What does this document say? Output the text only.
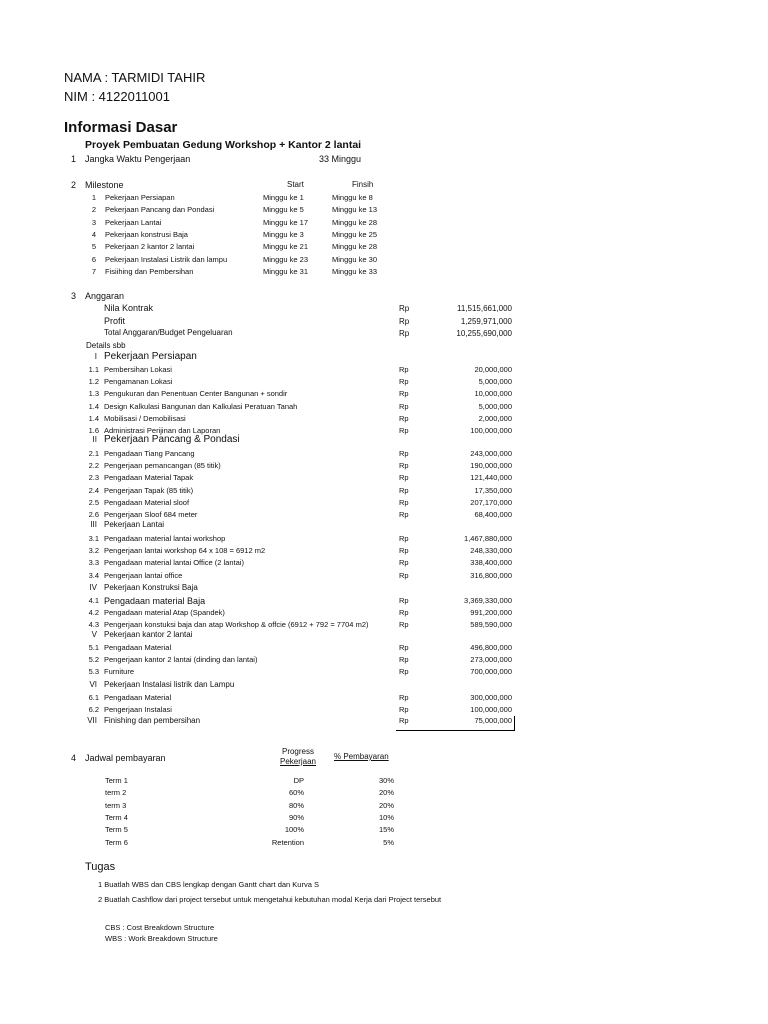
NAMA : TARMIDI TAHIR
NIM : 4122011001
Informasi Dasar
Proyek Pembuatan Gedung Workshop + Kantor 2 lantai
1 Jangka Waktu Pengerjaan	33 Minggu
2 Milestone	Start	Finsih
1 Pekerjaan Persiapan	Minggu ke 1	Minggu ke 8
2 Pekerjaan Pancang dan Pondasi	Minggu ke 5	Minggu ke 13
3 Pekerjaan Lantai	Minggu ke 17	Minggu ke 28
4 Pekerjaan konstrusi Baja	Minggu ke 3	Minggu ke 25
5 Pekerjaan 2 kantor 2 lantai	Minggu ke 21	Minggu ke 28
6 Pekerjaan Instalasi Listrik dan lampu	Minggu ke 23	Minggu ke 30
7 Fisiihing dan Pembersihan	Minggu ke 31	Minggu ke 33
3 Anggaran
Nila Kontrak	Rp	11,515,661,000
Profit	Rp	1,259,971,000
Total Anggaran/Budget Pengeluaran	Rp	10,255,690,000
Details sbb
I Pekerjaan Persiapan
1.1 Pembersihan Lokasi	Rp	20,000,000
1.2 Pengamanan Lokasi	Rp	5,000,000
1.3 Pengukuran dan Penentuan Center Bangunan + sondir	Rp	10,000,000
1.4 Design Kalkulasi Bangunan dan Kalkulasi Peratuan Tanah	Rp	5,000,000
1.4 Mobilisasi / Demobilisasi	Rp	2,000,000
1.6 Administrasi Perijinan dan Laporan	Rp	100,000,000
II Pekerjaan Pancang & Pondasi
2.1 Pengadaan Tiang Pancang	Rp	243,000,000
2.2 Pengerjaan pemancangan (85 titik)	Rp	190,000,000
2.3 Pengadaan Material Tapak	Rp	121,440,000
2.4 Pengerjaan Tapak (85 titik)	Rp	17,350,000
2.5 Pengadaan Material sloof	Rp	207,170,000
2.6 Pengerjaan Sloof 684 meter	Rp	68,400,000
III Pekerjaan Lantai
3.1 Pengadaan material lantai workshop	Rp	1,467,880,000
3.2 Pengerjaan lantai workshop 64 x 108 = 6912 m2	Rp	248,330,000
3.3 Pengadaan material lantai Office (2 lantai)	Rp	338,400,000
3.4 Pengerjaan lantai office	Rp	316,800,000
IV Pekerjaan Konstruksi Baja
4.1 Pengadaan material Baja	Rp	3,369,330,000
4.2 Pengadaan material Atap (Spandek)	Rp	991,200,000
4.3 Pengerjaan konstuksi baja dan atap Workshop & offcie (6912 + 792 = 7704 m2)	Rp	589,590,000
V Pekerjaan kantor 2 lantai
5.1 Pengadaan Material	Rp	496,800,000
5.2 Pengerjaan kantor 2 lantai (dinding dan lantai)	Rp	273,000,000
5.3 Furniture	Rp	700,000,000
VI Pekerjaan Instalasi listrik dan Lampu
6.1 Pengadaan Material	Rp	300,000,000
6.2 Pengerjaan Instalasi	Rp	100,000,000
VII Finishing dan pembersihan	Rp	75,000,000
4 Jadwal pembayaran
Progress
Pekerjaan
% Pembayaran
Term 1	DP	30%
term 2	60%	20%
term 3	80%	20%
Term 4	90%	10%
Term 5	100%	15%
Term 6	Retention	5%
Tugas
1 Buatlah WBS dan CBS lengkap dengan Gantt chart dan Kurva S
2 Buatlah Cashflow dari project tersebut untuk mengetahui kebutuhan modal Kerja dari Project tersebut
CBS : Cost Breakdown Structure
WBS : Work Breakdown Structure
